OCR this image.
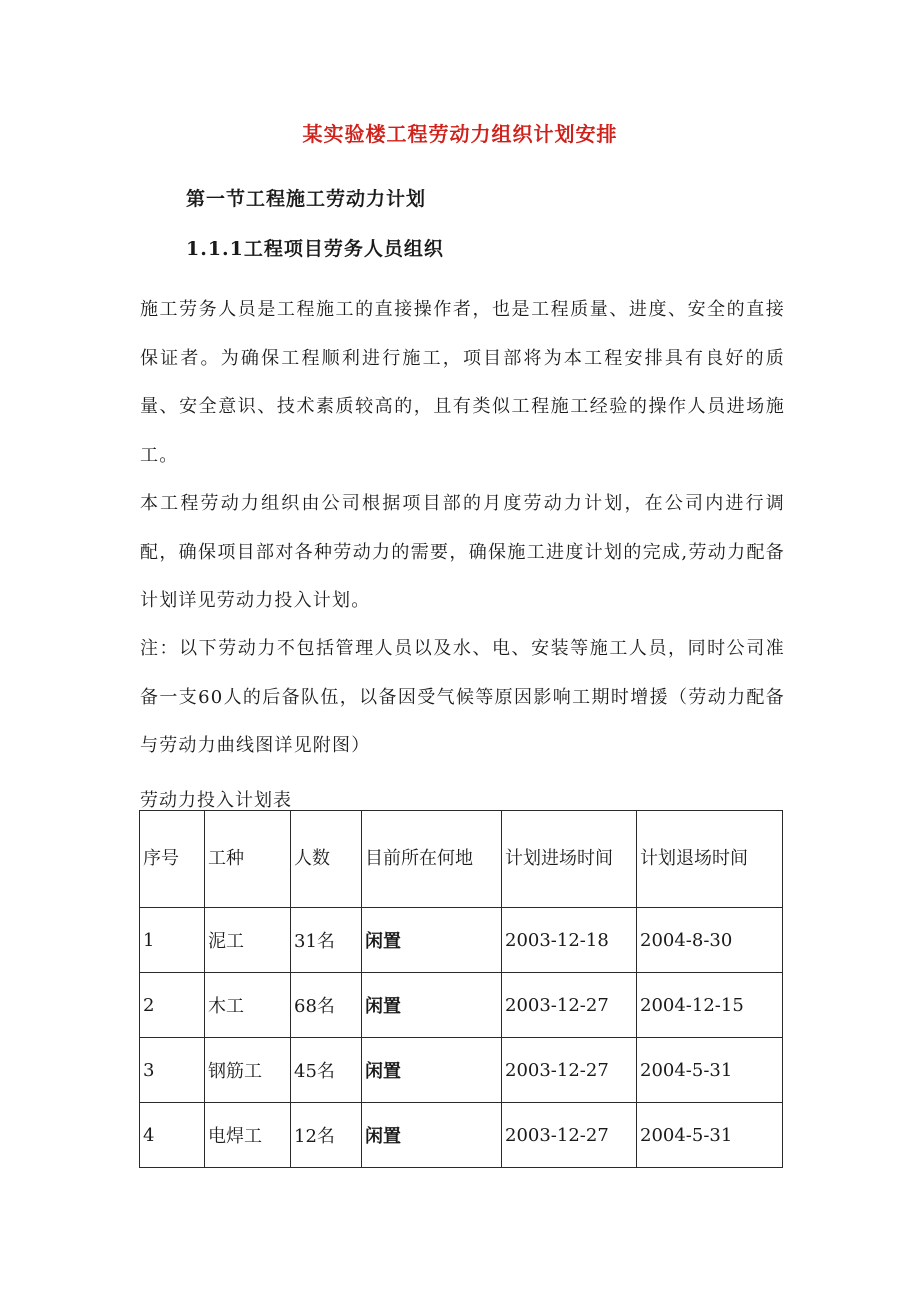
某实验楼工程劳动力组织计划安排
第一节工程施工劳动力计划
1.1.1工程项目劳务人员组织

施工劳务人员是工程施工的直接操作者，也是工程质量、进度、安全的直接保证者。为确保工程顺利进行施工，项目部将为本工程安排具有良好的质量、安全意识、技术素质较高的，且有类似工程施工经验的操作人员进场施工。

本工程劳动力组织由公司根据项目部的月度劳动力计划，在公司内进行调配，确保项目部对各种劳动力的需要，确保施工进度计划的完成,劳动力配备计划详见劳动力投入计划。

注：以下劳动力不包括管理人员以及水、电、安装等施工人员，同时公司准备一支60人的后备队伍，以备因受气候等原因影响工期时增援（劳动力配备与劳动力曲线图详见附图）

劳动力投入计划表
序号	工种	人数	目前所在何地	计划进场时间	计划退场时间
1	泥工	31名	闲置	2003-12-18	2004-8-30
2	木工	68名	闲置	2003-12-27	2004-12-15
3	钢筋工	45名	闲置	2003-12-27	2004-5-31
4	电焊工	12名	闲置	2003-12-27	2004-5-31
